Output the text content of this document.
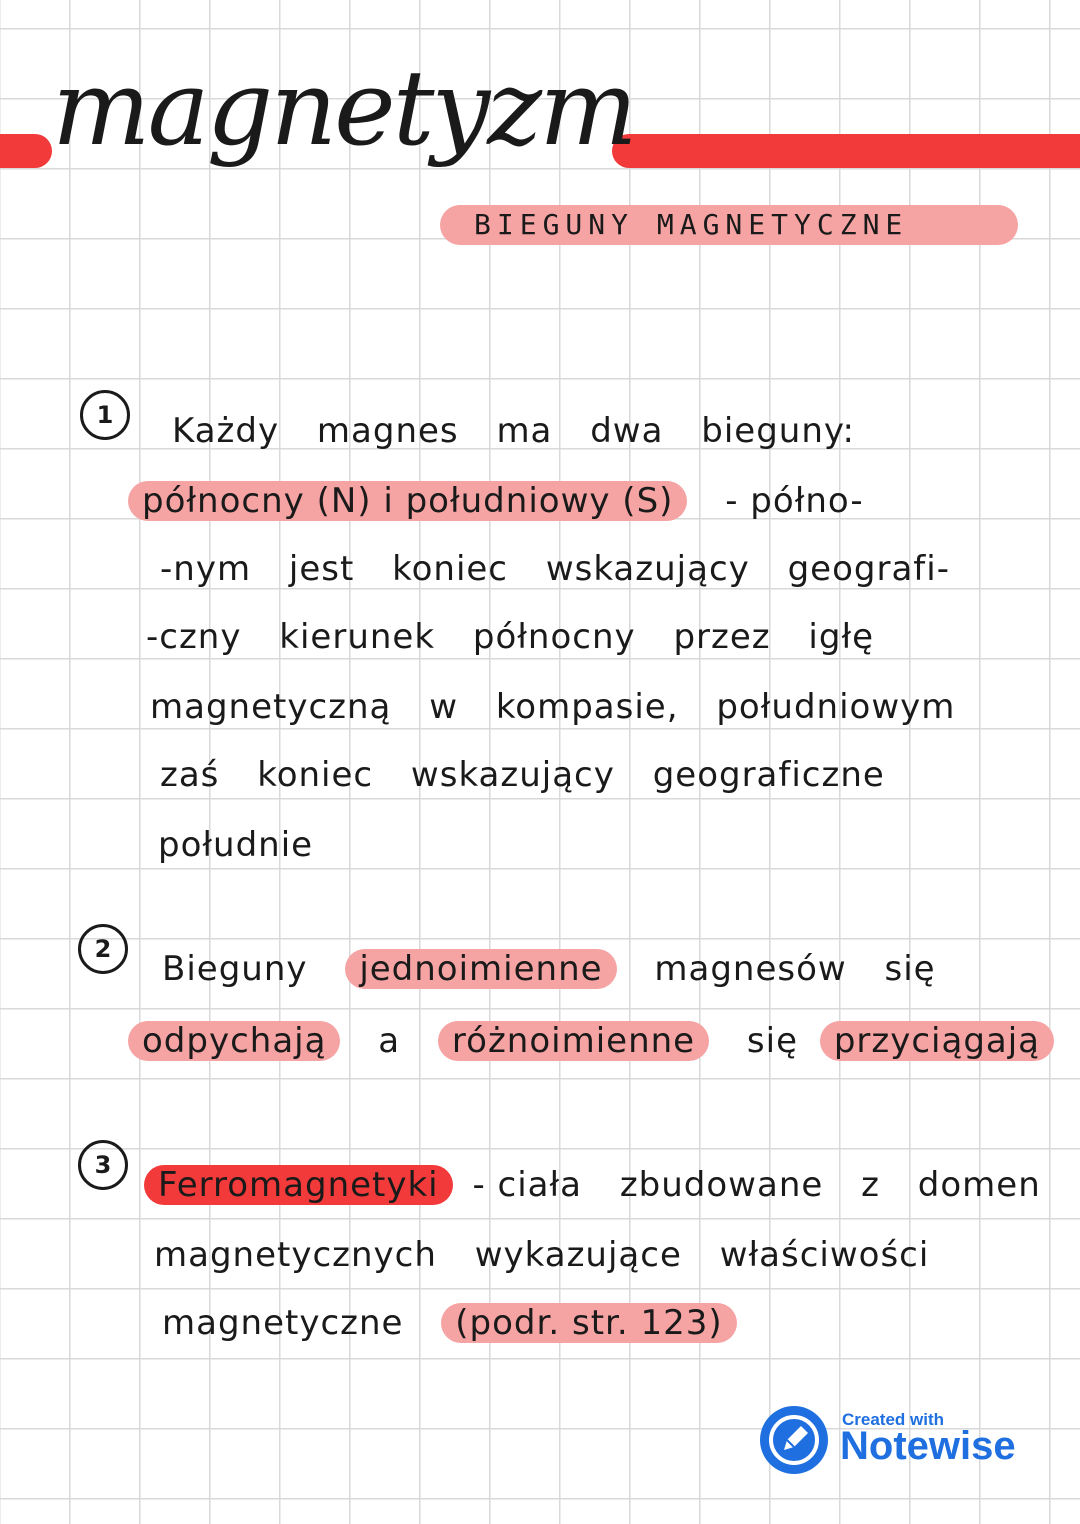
magnetyzm
BIEGUNY MAGNETYCZNE
1
2
3
Każdy magnes ma dwa bieguny:
północny (N) i południowy (S) - półno-
-nym jest koniec wskazujący geografi-
-czny kierunek północny przez igłę
magnetyczną w kompasie, południowym
zaś koniec wskazujący geograficzne
południe
Bieguny jednoimienne magnesów się
odpychają a różnoimienne się przyciągają
Ferromagnetyki - ciała zbudowane z domen
magnetycznych wykazujące właściwości
magnetyczne (podr. str. 123)
Created with
Notewise
